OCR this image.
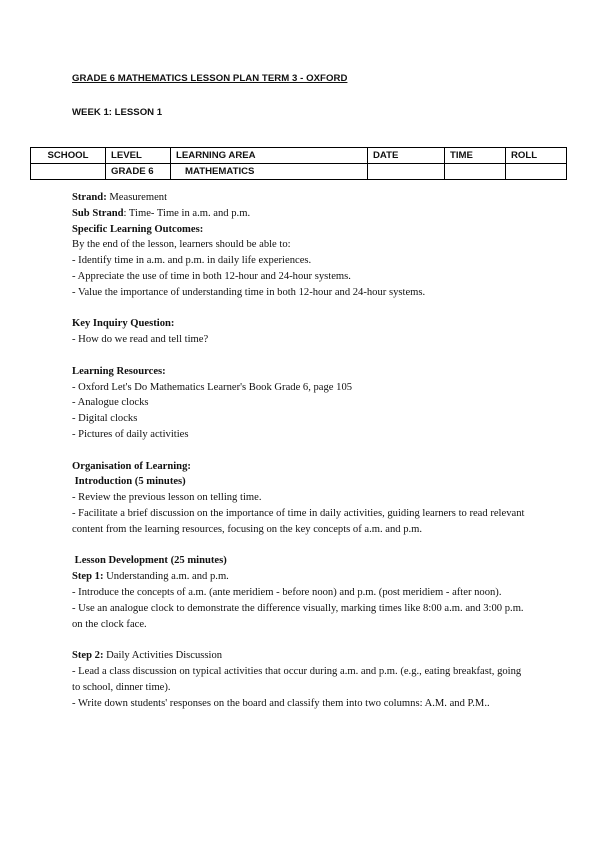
GRADE 6 MATHEMATICS LESSON PLAN TERM 3 - OXFORD
WEEK 1: LESSON 1
SCHOOL	LEVEL	LEARNING AREA	DATE	TIME	ROLL
	GRADE 6	MATHEMATICS			

Strand: Measurement

Sub Strand: Time- Time in a.m. and p.m.

Specific Learning Outcomes:

By the end of the lesson, learners should be able to:

- Identify time in a.m. and p.m. in daily life experiences.

- Appreciate the use of time in both 12-hour and 24-hour systems.

- Value the importance of understanding time in both 12-hour and 24-hour systems.

Key Inquiry Question:

- How do we read and tell time?

Learning Resources:

- Oxford Let's Do Mathematics Learner's Book Grade 6, page 105

- Analogue clocks

- Digital clocks

- Pictures of daily activities

Organisation of Learning:

Introduction (5 minutes)

- Review the previous lesson on telling time.

- Facilitate a brief discussion on the importance of time in daily activities, guiding learners to read relevant content from the learning resources, focusing on the key concepts of a.m. and p.m.

Lesson Development (25 minutes)

Step 1: Understanding a.m. and p.m.

- Introduce the concepts of a.m. (ante meridiem - before noon) and p.m. (post meridiem - after noon).

- Use an analogue clock to demonstrate the difference visually, marking times like 8:00 a.m. and 3:00 p.m. on the clock face.

Step 2: Daily Activities Discussion

- Lead a class discussion on typical activities that occur during a.m. and p.m. (e.g., eating breakfast, going to school, dinner time).

- Write down students' responses on the board and classify them into two columns: A.M. and P.M..
